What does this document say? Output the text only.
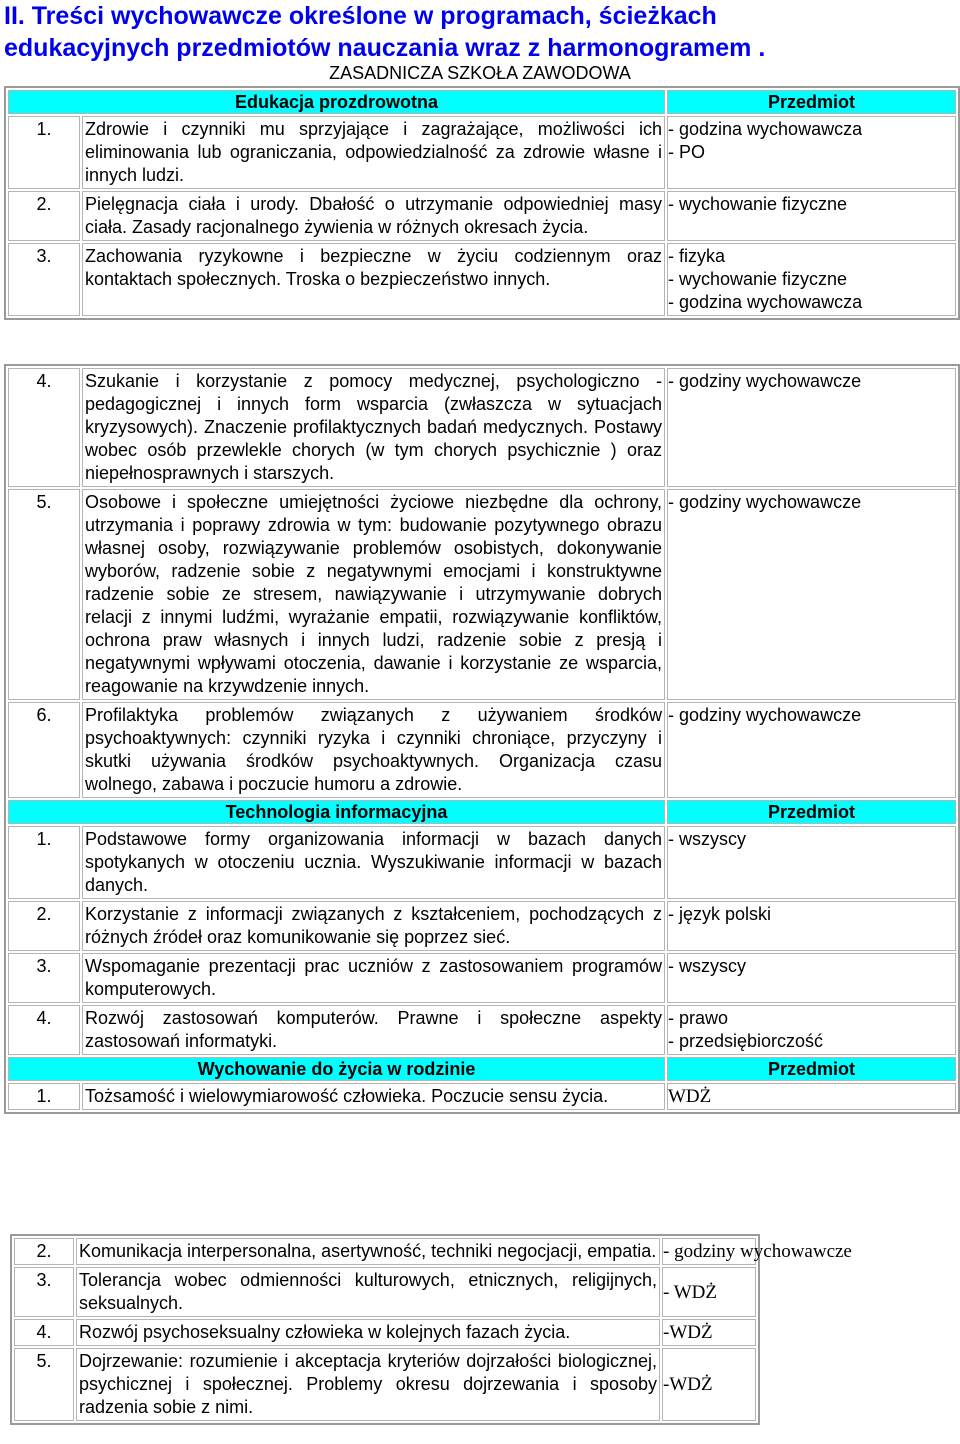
II. Treści wychowawcze określone w programach, ścieżkach
edukacyjnych przedmiotów nauczania wraz z harmonogramem .
ZASADNICZA SZKOŁA ZAWODOWA
Edukacja prozdrowotna		Przedmiot
1.	Zdrowie i czynniki mu sprzyjające i zagrażające, możliwości ich eliminowania lub ograniczania, odpowiedzialność za zdrowie własne i innych ludzi.	- godzina wychowawcza
- PO

2.	Pielęgnacja ciała i urody. Dbałość o utrzymanie odpowiedniej masy ciała. Zasady racjonalnego żywienia w różnych okresach życia.	- wychowanie fizyczne

3.	Zachowania ryzykowne i bezpieczne w życiu codziennym oraz kontaktach społecznych. Troska o bezpieczeństwo innych.	- fizyka
- wychowanie fizyczne
- godzina wychowawcza
4.	Szukanie i korzystanie z pomocy medycznej, psychologiczno - pedagogicznej i innych form wsparcia (zwłaszcza w sytuacjach kryzysowych). Znaczenie profilaktycznych badań medycznych. Postawy wobec osób przewlekle chorych (w tym chorych psychicznie ) oraz niepełnosprawnych i starszych.	- godziny wychowawcze

5.	Osobowe i społeczne umiejętności życiowe niezbędne dla ochrony, utrzymania i poprawy zdrowia w tym: budowanie pozytywnego obrazu własnej osoby, rozwiązywanie problemów osobistych, dokonywanie wyborów, radzenie sobie z negatywnymi emocjami i konstruktywne radzenie sobie ze stresem, nawiązywanie i utrzymywanie dobrych relacji z innymi ludźmi, wyrażanie empatii, rozwiązywanie konfliktów, ochrona praw własnych i innych ludzi, radzenie sobie z presją i negatywnymi wpływami otoczenia, dawanie i korzystanie ze wsparcia, reagowanie na krzywdzenie innych.	- godziny wychowawcze

6.	Profilaktyka problemów związanych z używaniem środków psychoaktywnych: czynniki ryzyka i czynniki chroniące, przyczyny i skutki używania środków psychoaktywnych. Organizacja czasu wolnego, zabawa i poczucie humoru a zdrowie.	- godziny wychowawcze

Technologia informacyjna		Przedmiot
1.	Podstawowe formy organizowania informacji w bazach danych spotykanych w otoczeniu ucznia. Wyszukiwanie informacji w bazach danych.	- wszyscy

2.	Korzystanie z informacji związanych z kształceniem, pochodzących z różnych źródeł oraz komunikowanie się poprzez sieć.	- język polski

3.	Wspomaganie prezentacji prac uczniów z zastosowaniem programów komputerowych.	- wszyscy

4.	Rozwój zastosowań komputerów. Prawne i społeczne aspekty zastosowań informatyki.	- prawo
- przedsiębiorczość

Wychowanie do życia w rodzinie		Przedmiot
1.	Tożsamość i wielowymiarowość człowieka. Poczucie sensu życia.	WDŻ
2.	Komunikacja interpersonalna, asertywność, techniki negocjacji, empatia.	- godziny wychowawcze

3.	Tolerancja wobec odmienności kulturowych, etnicznych, religijnych, seksualnych.	- WDŻ

4.	Rozwój psychoseksualny człowieka w kolejnych fazach życia.	-WDŻ

5.	Dojrzewanie: rozumienie i akceptacja kryteriów dojrzałości biologicznej, psychicznej i społecznej. Problemy okresu dojrzewania i sposoby radzenia sobie z nimi.	-WDŻ
